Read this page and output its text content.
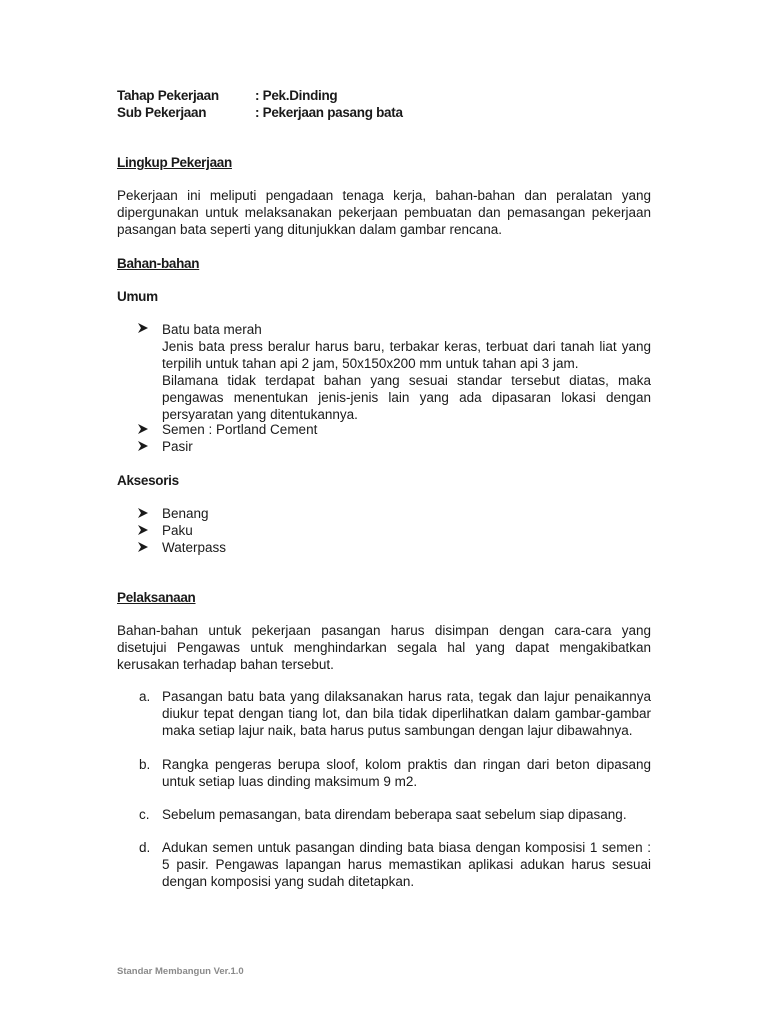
Tahap Pekerjaan	: Pek.Dinding
Sub Pekerjaan	: Pekerjaan pasang bata
Lingkup Pekerjaan
Pekerjaan ini meliputi pengadaan tenaga kerja, bahan-bahan dan peralatan yang dipergunakan untuk melaksanakan pekerjaan pembuatan dan pemasangan pekerjaan pasangan bata seperti yang ditunjukkan dalam gambar rencana.
Bahan-bahan
Umum
Batu bata merah
Jenis bata press beralur harus baru, terbakar keras, terbuat dari tanah liat yang terpilih untuk tahan api 2 jam, 50x150x200 mm untuk tahan api 3 jam.
Bilamana tidak terdapat bahan yang sesuai standar tersebut diatas, maka pengawas menentukan jenis-jenis lain yang ada dipasaran lokasi dengan persyaratan yang ditentukannya.
Semen : Portland Cement
Pasir
Aksesoris
Benang
Paku
Waterpass
Pelaksanaan
Bahan-bahan untuk pekerjaan pasangan harus disimpan dengan cara-cara yang disetujui Pengawas untuk menghindarkan segala hal yang dapat mengakibatkan kerusakan terhadap bahan tersebut.
a. Pasangan batu bata yang dilaksanakan harus rata, tegak dan lajur penaikannya diukur tepat dengan tiang lot, dan bila tidak diperlihatkan dalam gambar-gambar maka setiap lajur naik, bata harus putus sambungan dengan lajur dibawahnya.
b. Rangka pengeras berupa sloof, kolom praktis dan ringan dari beton dipasang untuk setiap luas dinding maksimum 9 m2.
c. Sebelum pemasangan, bata direndam beberapa saat sebelum siap dipasang.
d. Adukan semen untuk pasangan dinding bata biasa dengan komposisi 1 semen : 5 pasir. Pengawas lapangan harus memastikan aplikasi adukan harus sesuai dengan komposisi yang sudah ditetapkan.
Standar Membangun Ver.1.0
